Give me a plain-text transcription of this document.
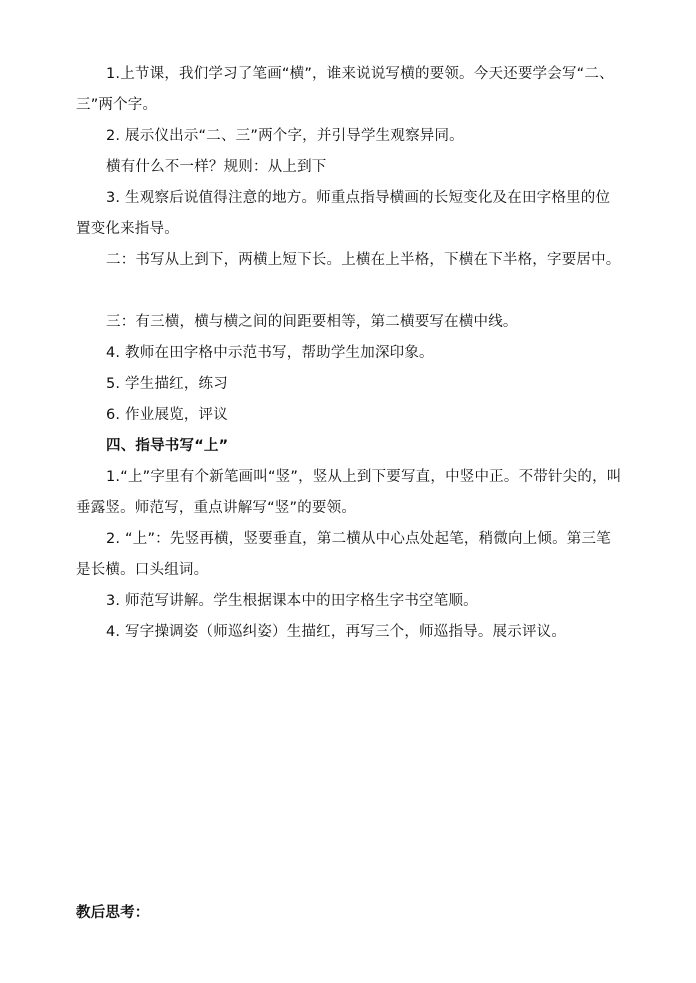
1.上节课，我们学习了笔画“横”，谁来说说写横的要领。今天还要学会写“二、三”两个字。

2. 展示仪出示“二、三”两个字，并引导学生观察异同。

横有什么不一样？规则：从上到下

3. 生观察后说值得注意的地方。师重点指导横画的长短变化及在田字格里的位置变化来指导。

二：书写从上到下，两横上短下长。上横在上半格，下横在下半格，字要居中。

三：有三横，横与横之间的间距要相等，第二横要写在横中线。

4. 教师在田字格中示范书写，帮助学生加深印象。

5. 学生描红，练习

6. 作业展览，评议

四、指导书写“上”

1.“上”字里有个新笔画叫“竖”，竖从上到下要写直，中竖中正。不带针尖的，叫垂露竖。师范写，重点讲解写“竖”的要领。

2. “上”：先竖再横，竖要垂直，第二横从中心点处起笔，稍微向上倾。第三笔是长横。口头组词。

3. 师范写讲解。学生根据课本中的田字格生字书空笔顺。

4. 写字操调姿（师巡纠姿）生描红，再写三个，师巡指导。展示评议。

教后思考：
